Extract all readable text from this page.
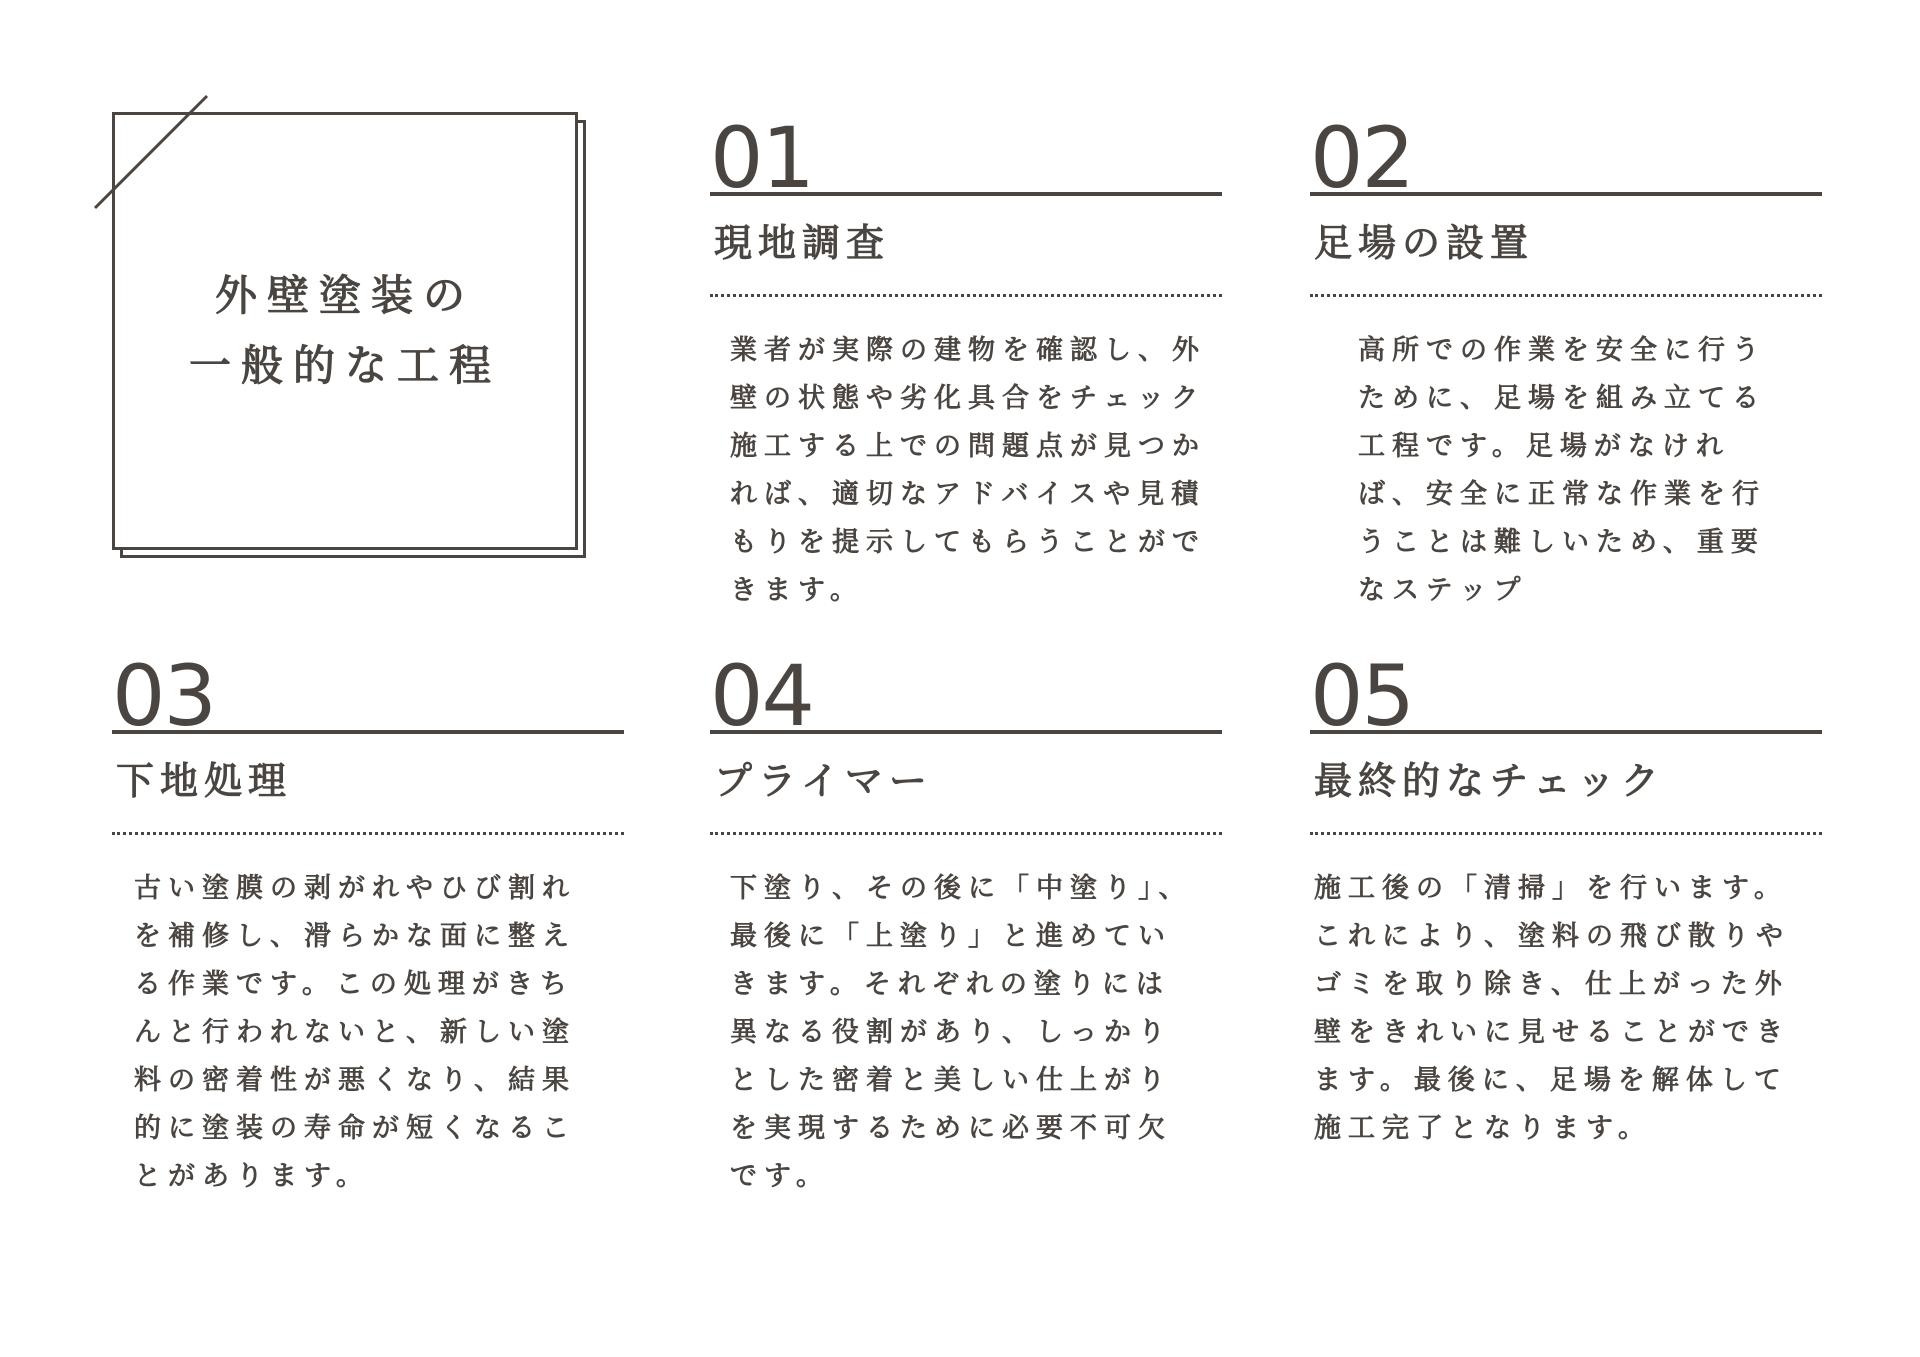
外壁塗装の
一般的な工程
01
現地調査
業者が実際の建物を確認し、外
壁の状態や劣化具合をチェック
施工する上での問題点が見つか
れば、適切なアドバイスや見積
もりを提示してもらうことがで
きます。
02
足場の設置
高所での作業を安全に行う
ために、足場を組み立てる
工程です。足場がなけれ
ば、安全に正常な作業を行
うことは難しいため、重要
なステップ
03
下地処理
古い塗膜の剥がれやひび割れ
を補修し、滑らかな面に整え
る作業です。この処理がきち
んと行われないと、新しい塗
料の密着性が悪くなり、結果
的に塗装の寿命が短くなるこ
とがあります。
04
プライマー
下塗り、その後に「中塗り」、
最後に「上塗り」と進めてい
きます。それぞれの塗りには
異なる役割があり、しっかり
とした密着と美しい仕上がり
を実現するために必要不可欠
です。
05
最終的なチェック
施工後の「清掃」を行います。
これにより、塗料の飛び散りや
ゴミを取り除き、仕上がった外
壁をきれいに見せることができ
ます。最後に、足場を解体して
施工完了となります。
